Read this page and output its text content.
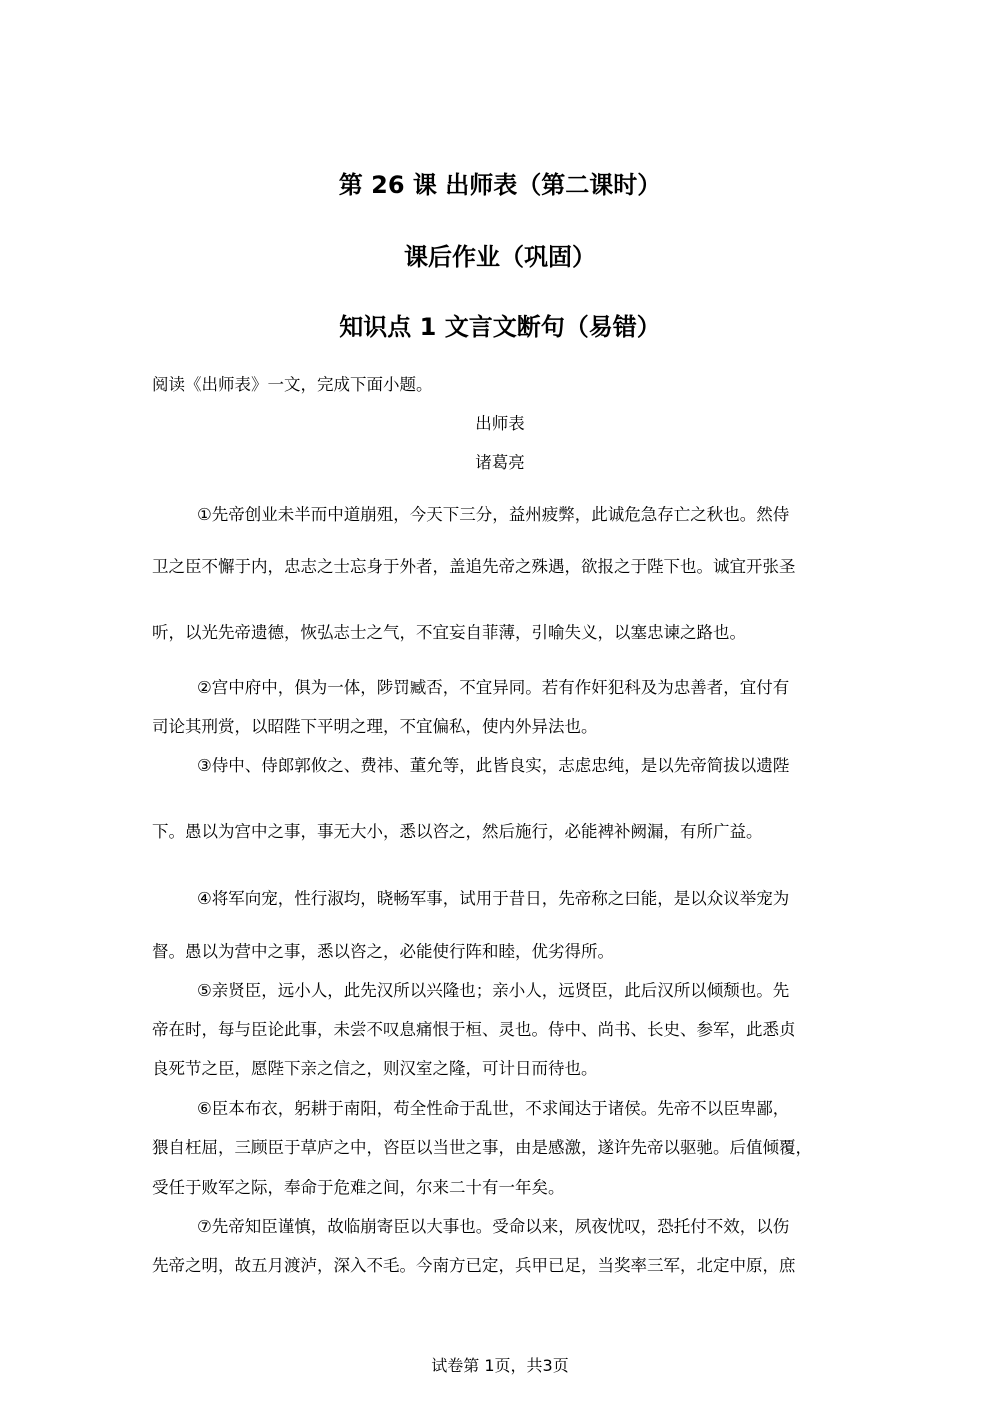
第 26 课 出师表（第二课时）
课后作业（巩固）
知识点 1 文言文断句（易错）

阅读《出师表》一文，完成下面小题。

出师表

诸葛亮

①先帝创业未半而中道崩殂，今天下三分，益州疲弊，此诚危急存亡之秋也。然侍

卫之臣不懈于内，忠志之士忘身于外者，盖追先帝之殊遇，欲报之于陛下也。诚宜开张圣

听，以光先帝遗德，恢弘志士之气，不宜妄自菲薄，引喻失义，以塞忠谏之路也。

②宫中府中，俱为一体，陟罚臧否，不宜异同。若有作奸犯科及为忠善者，宜付有

司论其刑赏，以昭陛下平明之理，不宜偏私，使内外异法也。

③侍中、侍郎郭攸之、费祎、董允等，此皆良实，志虑忠纯，是以先帝简拔以遗陛

下。愚以为宫中之事，事无大小，悉以咨之，然后施行，必能裨补阙漏，有所广益。

④将军向宠，性行淑均，晓畅军事，试用于昔日，先帝称之曰能，是以众议举宠为

督。愚以为营中之事，悉以咨之，必能使行阵和睦，优劣得所。

⑤亲贤臣，远小人，此先汉所以兴隆也；亲小人，远贤臣，此后汉所以倾颓也。先

帝在时，每与臣论此事，未尝不叹息痛恨于桓、灵也。侍中、尚书、长史、参军，此悉贞

良死节之臣，愿陛下亲之信之，则汉室之隆，可计日而待也。

⑥臣本布衣，躬耕于南阳，苟全性命于乱世，不求闻达于诸侯。先帝不以臣卑鄙，

猥自枉屈，三顾臣于草庐之中，咨臣以当世之事，由是感激，遂许先帝以驱驰。后值倾覆，

受任于败军之际，奉命于危难之间，尔来二十有一年矣。

⑦先帝知臣谨慎，故临崩寄臣以大事也。受命以来，夙夜忧叹，恐托付不效，以伤

先帝之明，故五月渡泸，深入不毛。今南方已定，兵甲已足，当奖率三军，北定中原，庶

试卷第 1页，共3页
